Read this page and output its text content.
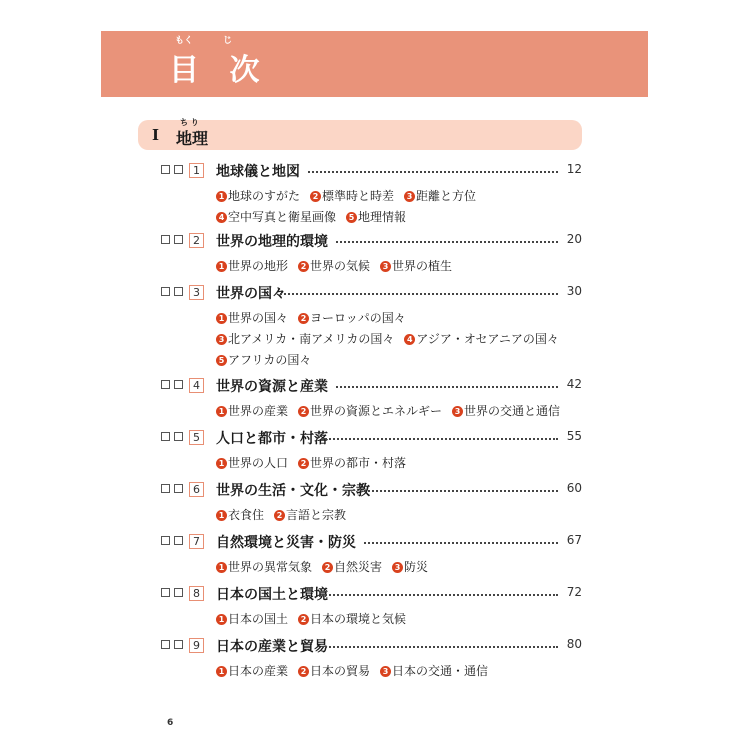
もく	じ
目 次
I
ち り
地理
1 地球儀と地図	12
1 地球のすがた 2 標準時と時差 3 距離と方位
4 空中写真と衛星画像 5 地理情報
2 世界の地理的環境	20
1 世界の地形 2 世界の気候 3 世界の植生
3 世界の国々	30
1 世界の国々 2 ヨーロッパの国々
3 北アメリカ・南アメリカの国々 4 アジア・オセアニアの国々
5 アフリカの国々
4 世界の資源と産業	42
1 世界の産業 2 世界の資源とエネルギー 3 世界の交通と通信
5 人口と都市・村落	55
1 世界の人口 2 世界の都市・村落
6 世界の生活・文化・宗教	60
1 衣食住 2 言語と宗教
7 自然環境と災害・防災	67
1 世界の異常気象 2 自然災害 3 防災
8 日本の国土と環境	72
1 日本の国土 2 日本の環境と気候
9 日本の産業と貿易	80
1 日本の産業 2 日本の貿易 3 日本の交通・通信
6
